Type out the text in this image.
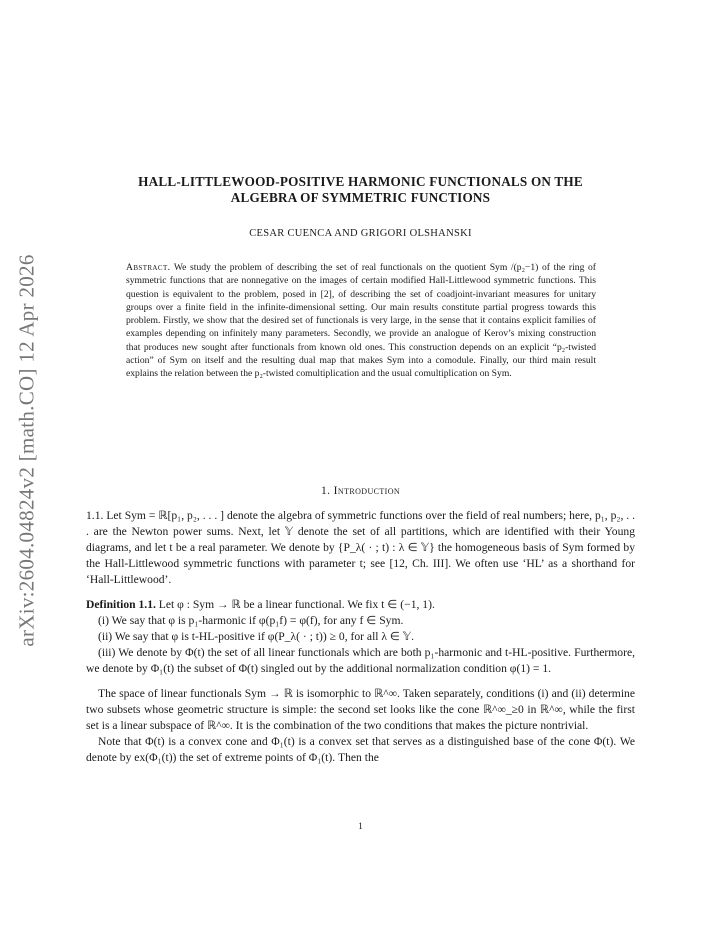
arXiv:2604.04824v2 [math.CO] 12 Apr 2026
HALL-LITTLEWOOD-POSITIVE HARMONIC FUNCTIONALS ON THE
ALGEBRA OF SYMMETRIC FUNCTIONS
CESAR CUENCA AND GRIGORI OLSHANSKI
Abstract. We study the problem of describing the set of real functionals on the quotient Sym /(p₂−1) of the ring of symmetric functions that are nonnegative on the images of certain modified Hall-Littlewood symmetric functions. This question is equivalent to the problem, posed in [2], of describing the set of coadjoint-invariant measures for unitary groups over a finite field in the infinite-dimensional setting. Our main results constitute partial progress towards this problem. Firstly, we show that the desired set of functionals is very large, in the sense that it contains explicit families of examples depending on infinitely many parameters. Secondly, we provide an analogue of Kerov’s mixing construction that produces new sought after functionals from known old ones. This construction depends on an explicit “p₂-twisted action” of Sym on itself and the resulting dual map that makes Sym into a comodule. Finally, our third main result explains the relation between the p₂-twisted comultiplication and the usual comultiplication on Sym.
1. Introduction

1.1. Let Sym = ℝ[p₁, p₂, . . . ] denote the algebra of symmetric functions over the field of real numbers; here, p₁, p₂, . . . are the Newton power sums. Next, let 𝕐 denote the set of all partitions, which are identified with their Young diagrams, and let t be a real parameter. We denote by {P_λ( · ; t) : λ ∈ 𝕐} the homogeneous basis of Sym formed by the Hall-Littlewood symmetric functions with parameter t; see [12, Ch. III]. We often use ‘HL’ as a shorthand for ‘Hall-Littlewood’.

Definition 1.1. Let φ : Sym → ℝ be a linear functional. We fix t ∈ (−1, 1).

(i) We say that φ is p₁-harmonic if φ(p₁f) = φ(f), for any f ∈ Sym.

(ii) We say that φ is t-HL-positive if φ(P_λ( · ; t)) ≥ 0, for all λ ∈ 𝕐.

(iii) We denote by Φ(t) the set of all linear functionals which are both p₁-harmonic and t-HL-positive. Furthermore, we denote by Φ₁(t) the subset of Φ(t) singled out by the additional normalization condition φ(1) = 1.

The space of linear functionals Sym → ℝ is isomorphic to ℝ^∞. Taken separately, conditions (i) and (ii) determine two subsets whose geometric structure is simple: the second set looks like the cone ℝ^∞_≥0 in ℝ^∞, while the first set is a linear subspace of ℝ^∞. It is the combination of the two conditions that makes the picture nontrivial.

Note that Φ(t) is a convex cone and Φ₁(t) is a convex set that serves as a distinguished base of the cone Φ(t). We denote by ex(Φ₁(t)) the set of extreme points of Φ₁(t). Then the

1
